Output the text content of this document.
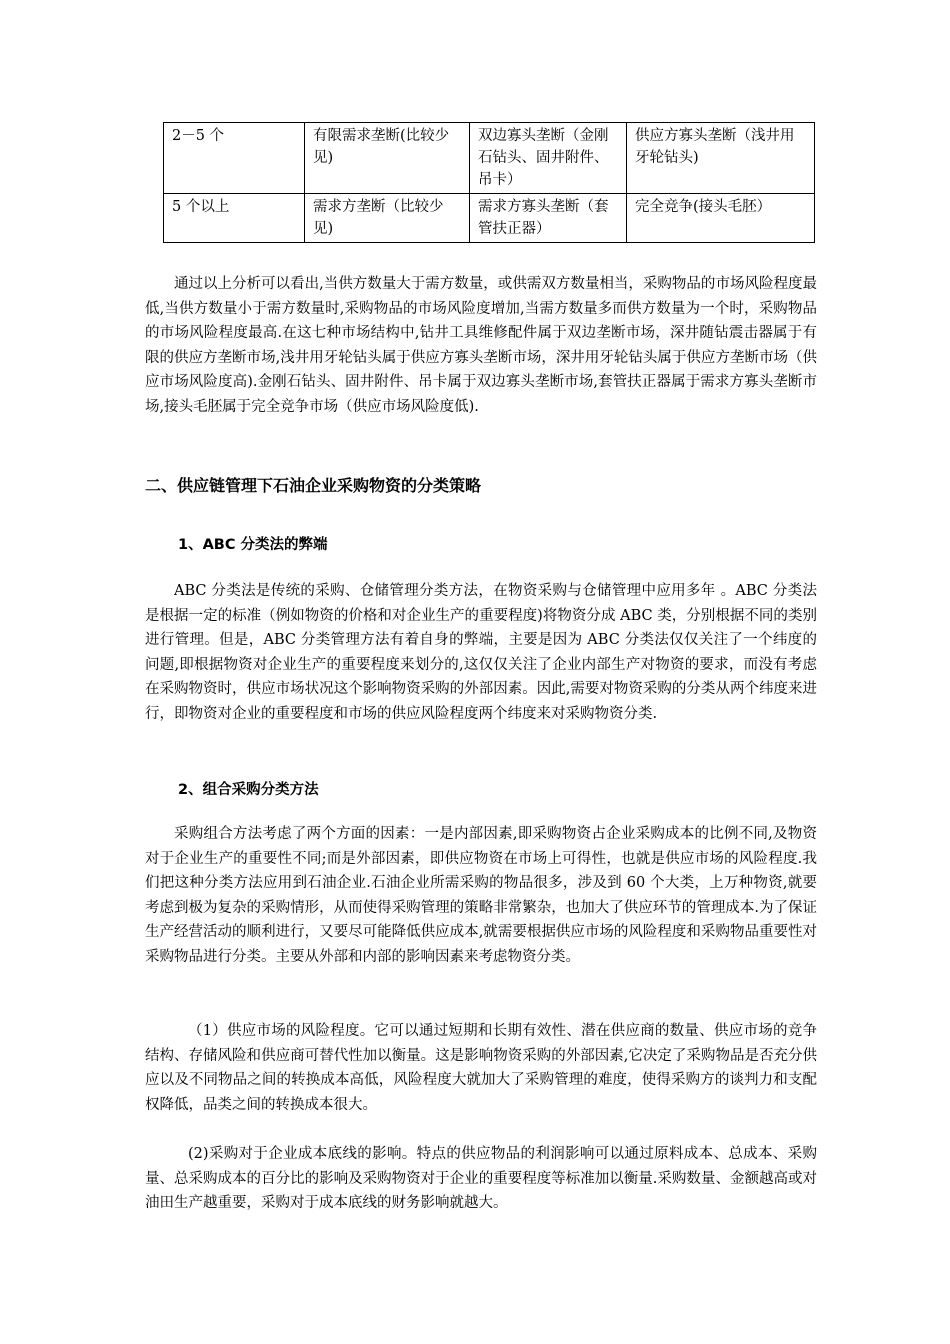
2－5 个	有限需求垄断(比较少见)	双边寡头垄断（金刚石钻头、固井附件、吊卡）	供应方寡头垄断（浅井用牙轮钻头)
5 个以上	需求方垄断（比较少见)	需求方寡头垄断（套管扶正器）	完全竞争(接头毛胚）

通过以上分析可以看出,当供方数量大于需方数量，或供需双方数量相当，采购物品的市场风险程度最低,当供方数量小于需方数量时,采购物品的市场风险度增加,当需方数量多而供方数量为一个时，采购物品的市场风险程度最高.在这七种市场结构中,钻井工具维修配件属于双边垄断市场，深井随钻震击器属于有限的供应方垄断市场,浅井用牙轮钻头属于供应方寡头垄断市场，深井用牙轮钻头属于供应方垄断市场（供应市场风险度高).金刚石钻头、固井附件、吊卡属于双边寡头垄断市场,套管扶正器属于需求方寡头垄断市场,接头毛胚属于完全竞争市场（供应市场风险度低).

二、供应链管理下石油企业采购物资的分类策略
1、ABC 分类法的弊端

ABC 分类法是传统的采购、仓储管理分类方法，在物资采购与仓储管理中应用多年 。ABC 分类法是根据一定的标准（例如物资的价格和对企业生产的重要程度)将物资分成 ABC 类，分别根据不同的类别进行管理。但是，ABC 分类管理方法有着自身的弊端，主要是因为 ABC 分类法仅仅关注了一个纬度的问题,即根据物资对企业生产的重要程度来划分的,这仅仅关注了企业内部生产对物资的要求，而没有考虑在采购物资时，供应市场状况这个影响物资采购的外部因素。因此,需要对物资采购的分类从两个纬度来进行，即物资对企业的重要程度和市场的供应风险程度两个纬度来对采购物资分类.

2、组合采购分类方法

采购组合方法考虑了两个方面的因素：一是内部因素,即采购物资占企业采购成本的比例不同,及物资对于企业生产的重要性不同;而是外部因素，即供应物资在市场上可得性，也就是供应市场的风险程度.我们把这种分类方法应用到石油企业.石油企业所需采购的物品很多，涉及到 60 个大类，上万种物资,就要考虑到极为复杂的采购情形，从而使得采购管理的策略非常繁杂，也加大了供应环节的管理成本.为了保证生产经营活动的顺利进行，又要尽可能降低供应成本,就需要根据供应市场的风险程度和采购物品重要性对采购物品进行分类。主要从外部和内部的影响因素来考虑物资分类。

（1）供应市场的风险程度。它可以通过短期和长期有效性、潜在供应商的数量、供应市场的竞争结构、存储风险和供应商可替代性加以衡量。这是影响物资采购的外部因素,它决定了采购物品是否充分供应以及不同物品之间的转换成本高低，风险程度大就加大了采购管理的难度，使得采购方的谈判力和支配权降低，品类之间的转换成本很大。

(2)采购对于企业成本底线的影响。特点的供应物品的利润影响可以通过原料成本、总成本、采购量、总采购成本的百分比的影响及采购物资对于企业的重要程度等标准加以衡量.采购数量、金额越高或对油田生产越重要，采购对于成本底线的财务影响就越大。
